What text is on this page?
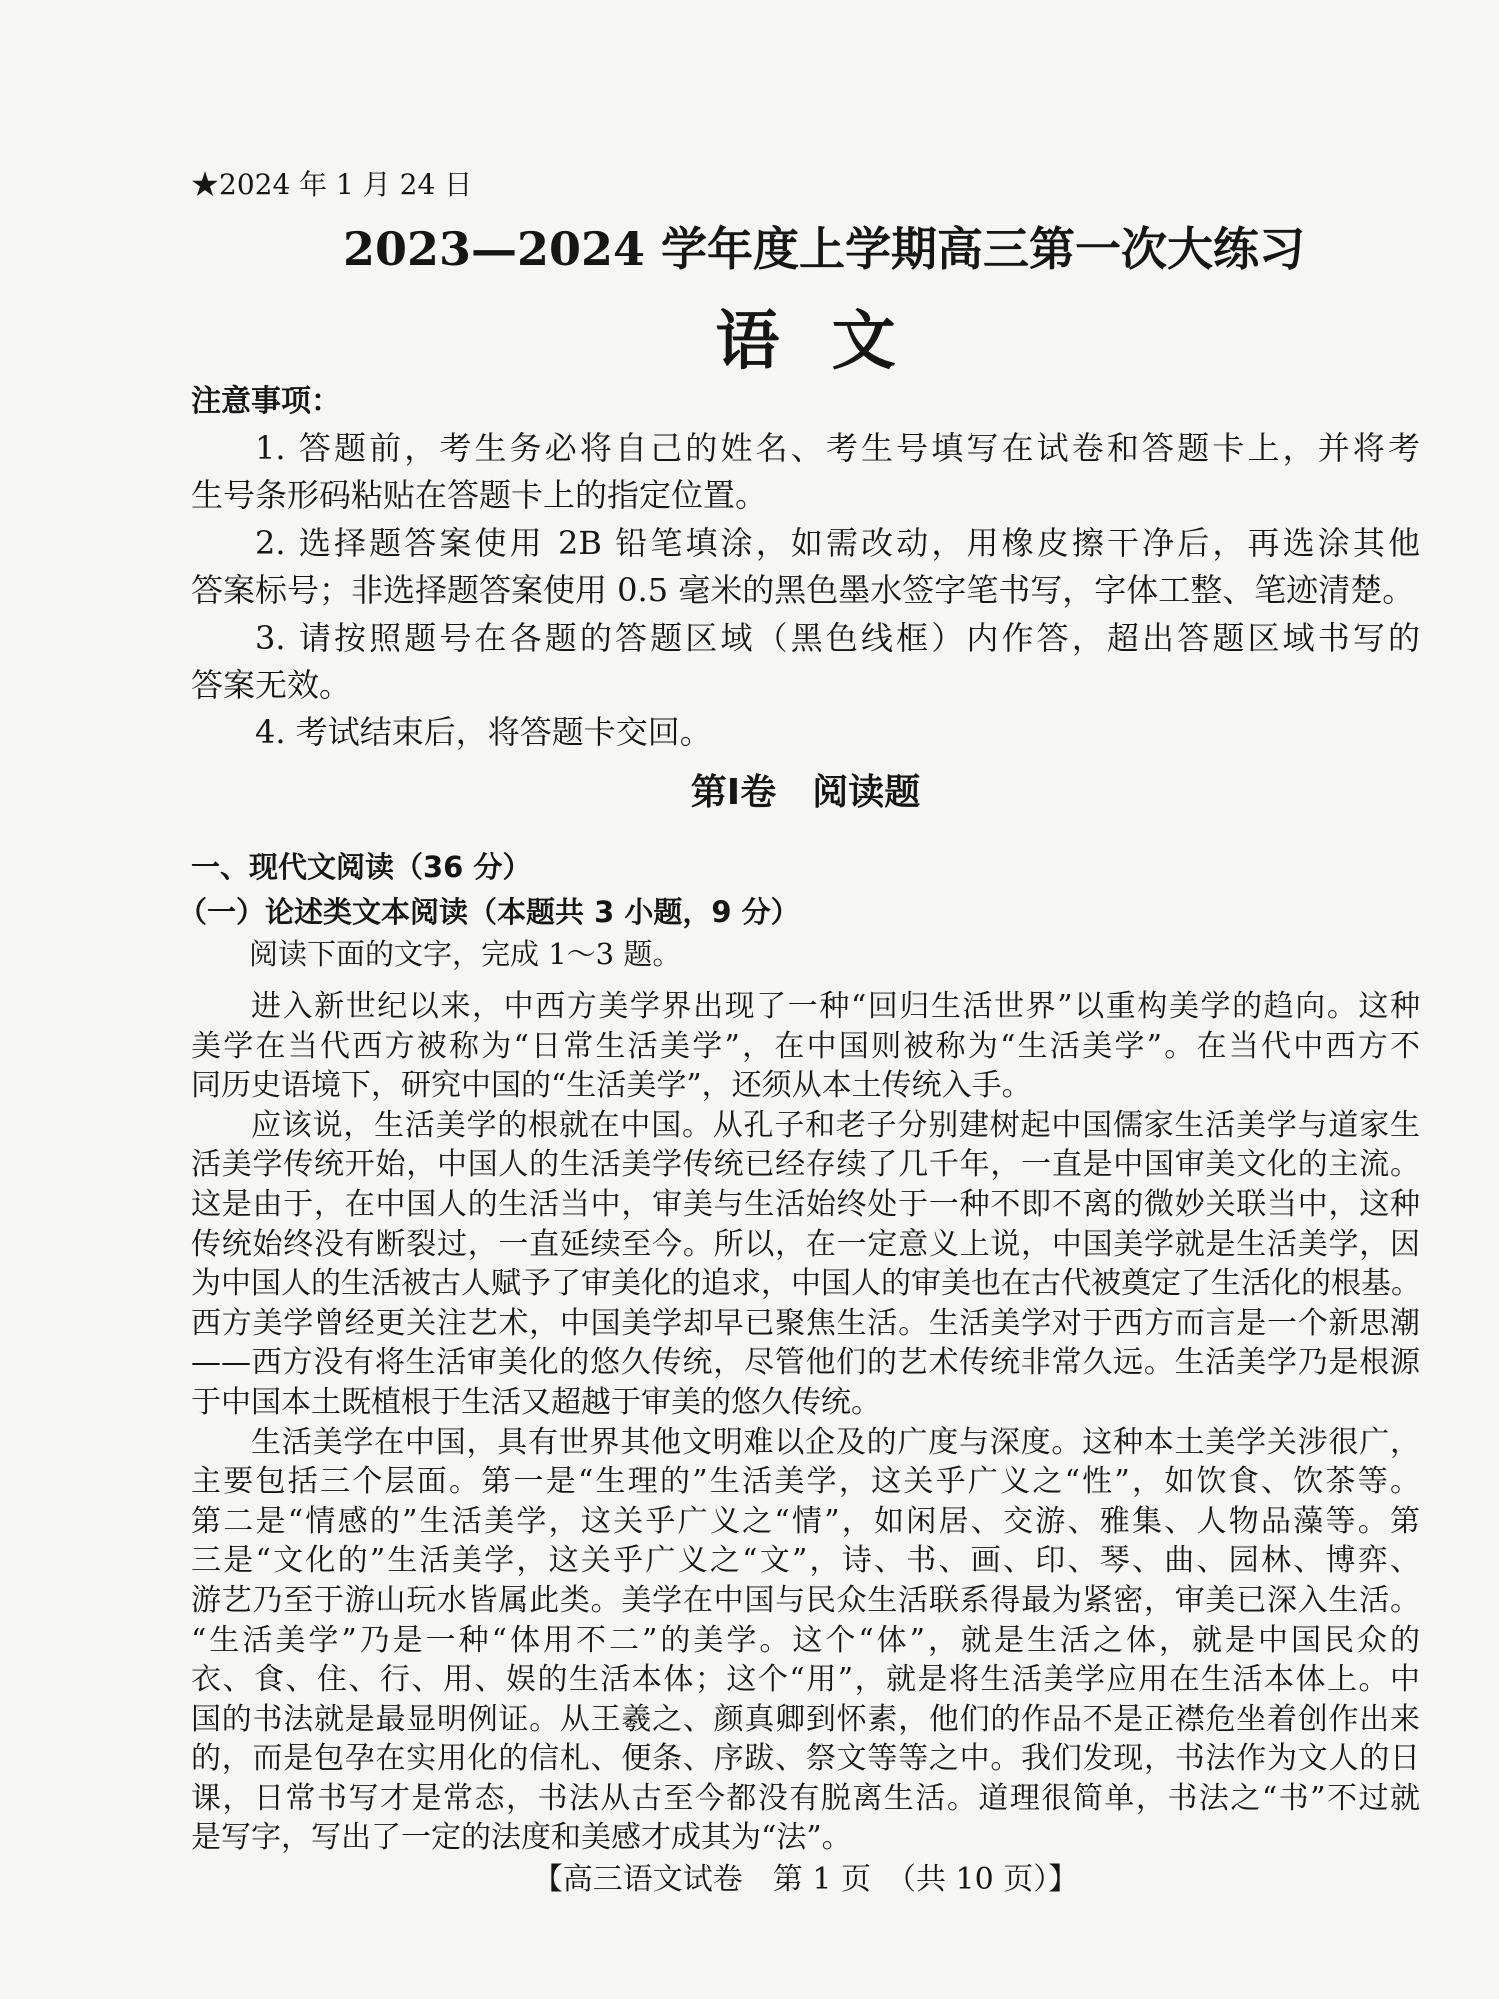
★2024 年 1 月 24 日
2023—2024 学年度上学期高三第一次大练习
语 文
注意事项：
1. 答题前，考生务必将自己的姓名、考生号填写在试卷和答题卡上，并将考
生号条形码粘贴在答题卡上的指定位置。
2. 选择题答案使用 2B 铅笔填涂，如需改动，用橡皮擦干净后，再选涂其他
答案标号；非选择题答案使用 0.5 毫米的黑色墨水签字笔书写，字体工整、笔迹清楚。
3. 请按照题号在各题的答题区域（黑色线框）内作答，超出答题区域书写的
答案无效。
4. 考试结束后，将答题卡交回。
第I卷　阅读题
一、现代文阅读（36 分）
（一）论述类文本阅读（本题共 3 小题，9 分）
阅读下面的文字，完成 1～3 题。
进入新世纪以来，中西方美学界出现了一种“回归生活世界”以重构美学的趋向。这种
美学在当代西方被称为“日常生活美学”，在中国则被称为“生活美学”。在当代中西方不
同历史语境下，研究中国的“生活美学”，还须从本土传统入手。
应该说，生活美学的根就在中国。从孔子和老子分别建树起中国儒家生活美学与道家生
活美学传统开始，中国人的生活美学传统已经存续了几千年，一直是中国审美文化的主流。
这是由于，在中国人的生活当中，审美与生活始终处于一种不即不离的微妙关联当中，这种
传统始终没有断裂过，一直延续至今。所以，在一定意义上说，中国美学就是生活美学，因
为中国人的生活被古人赋予了审美化的追求，中国人的审美也在古代被奠定了生活化的根基。
西方美学曾经更关注艺术，中国美学却早已聚焦生活。生活美学对于西方而言是一个新思潮
——西方没有将生活审美化的悠久传统，尽管他们的艺术传统非常久远。生活美学乃是根源
于中国本土既植根于生活又超越于审美的悠久传统。
生活美学在中国，具有世界其他文明难以企及的广度与深度。这种本土美学关涉很广，
主要包括三个层面。第一是“生理的”生活美学，这关乎广义之“性”，如饮食、饮茶等。
第二是“情感的”生活美学，这关乎广义之“情”，如闲居、交游、雅集、人物品藻等。第
三是“文化的”生活美学，这关乎广义之“文”，诗、书、画、印、琴、曲、园林、博弈、
游艺乃至于游山玩水皆属此类。美学在中国与民众生活联系得最为紧密，审美已深入生活。
“生活美学”乃是一种“体用不二”的美学。这个“体”，就是生活之体，就是中国民众的
衣、食、住、行、用、娱的生活本体；这个“用”，就是将生活美学应用在生活本体上。中
国的书法就是最显明例证。从王羲之、颜真卿到怀素，他们的作品不是正襟危坐着创作出来
的，而是包孕在实用化的信札、便条、序跋、祭文等等之中。我们发现，书法作为文人的日
课，日常书写才是常态，书法从古至今都没有脱离生活。道理很简单，书法之“书”不过就
是写字，写出了一定的法度和美感才成其为“法”。
【高三语文试卷　第 1 页　（共 10 页）】
